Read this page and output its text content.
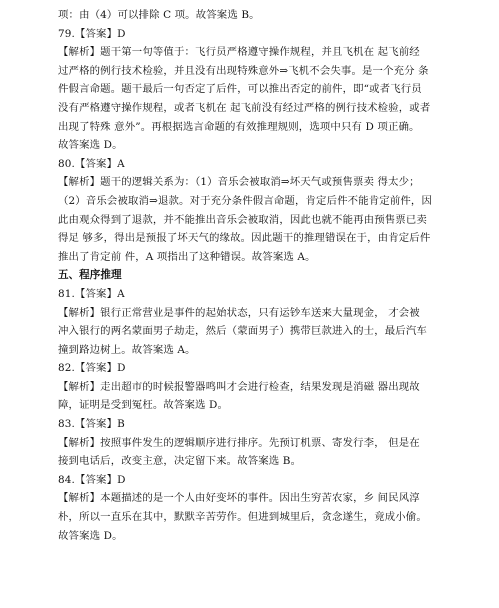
项：由（4）可以排除 C 项。故答案选 B。
79.【答案】D
【解析】题干第一句等值于：飞行员严格遵守操作规程，并且飞机在 起飞前经
过严格的例行技术检验，并且没有出现特殊意外⇒飞机不会失事。是一个充分 条
件假言命题。题干最后一句否定了后件，可以推出否定的前件，即“或者飞行员
没有严格遵守操作规程，或者飞机在 起飞前没有经过严格的例行技术检验，或者
出现了特殊 意外”。再根据选言命题的有效推理规则，选项中只有 D 项正确。
故答案选 D。
80.【答案】A
【解析】题干的逻辑关系为：（1）音乐会被取消⇒坏天气或预售票卖 得太少；
（2）音乐会被取消⇒退款。对于充分条件假言命题，肯定后件不能肯定前件，因
此由观众得到了退款，并不能推出音乐会被取消，因此也就不能再由预售票已卖
得足 够多，得出是预报了坏天气的缘故。因此题干的推理错误在于，由肯定后件
推出了肯定前 件，A 项指出了这种错误。故答案选 A。
五、程序推理
81.【答案】A
【解析】银行正常营业是事件的起始状态，只有运钞车送来大量现金， 才会被
冲入银行的两名蒙面男子劫走，然后（蒙面男子）携带巨款进入的士，最后汽车
撞到路边树上。故答案选 A。
82.【答案】D
【解析】走出超市的时候报警器鸣叫才会进行检查，结果发现是消磁 器出现故
障，证明是受到冤枉。故答案选 D。
83.【答案】B
【解析】按照事件发生的逻辑顺序进行排序。先预订机票、寄发行李， 但是在
接到电话后，改变主意，决定留下来。故答案选 B。
84.【答案】D
【解析】本题描述的是一个人由好变坏的事件。因出生穷苦农家，乡 间民风淳
朴，所以一直乐在其中，默默辛苦劳作。但进到城里后，贪念遂生，竟成小偷。
故答案选 D。
